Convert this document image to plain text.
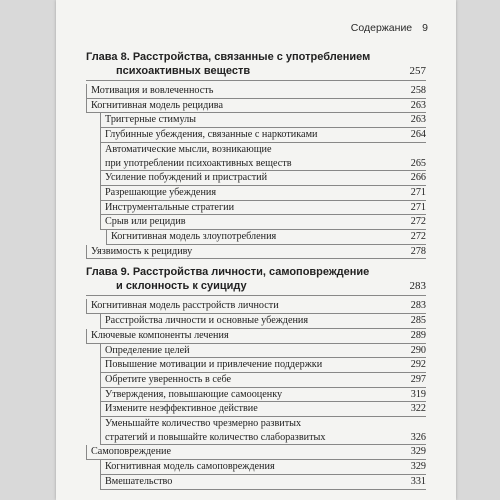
Содержание 9
Глава 8. Расстройства, связанные с употреблением
психоактивных веществ	257
Мотивация и вовлеченность	258
Когнитивная модель рецидива	263
Триггерные стимулы	263
Глубинные убеждения, связанные с наркотиками	264
Автоматические мысли, возникающие
при употреблении психоактивных веществ	265
Усиление побуждений и пристрастий	266
Разрешающие убеждения	271
Инструментальные стратегии	271
Срыв или рецидив	272
Когнитивная модель злоупотребления	272
Уязвимость к рецидиву	278
Глава 9. Расстройства личности, самоповреждение
и склонность к суициду	283
Когнитивная модель расстройств личности	283
Расстройства личности и основные убеждения	285
Ключевые компоненты лечения	289
Определение целей	290
Повышение мотивации и привлечение поддержки	292
Обретите уверенность в себе	297
Утверждения, повышающие самооценку	319
Измените неэффективное действие	322
Уменьшайте количество чрезмерно развитых
стратегий и повышайте количество слаборазвитых	326
Самоповреждение	329
Когнитивная модель самоповреждения	329
Вмешательство	331
